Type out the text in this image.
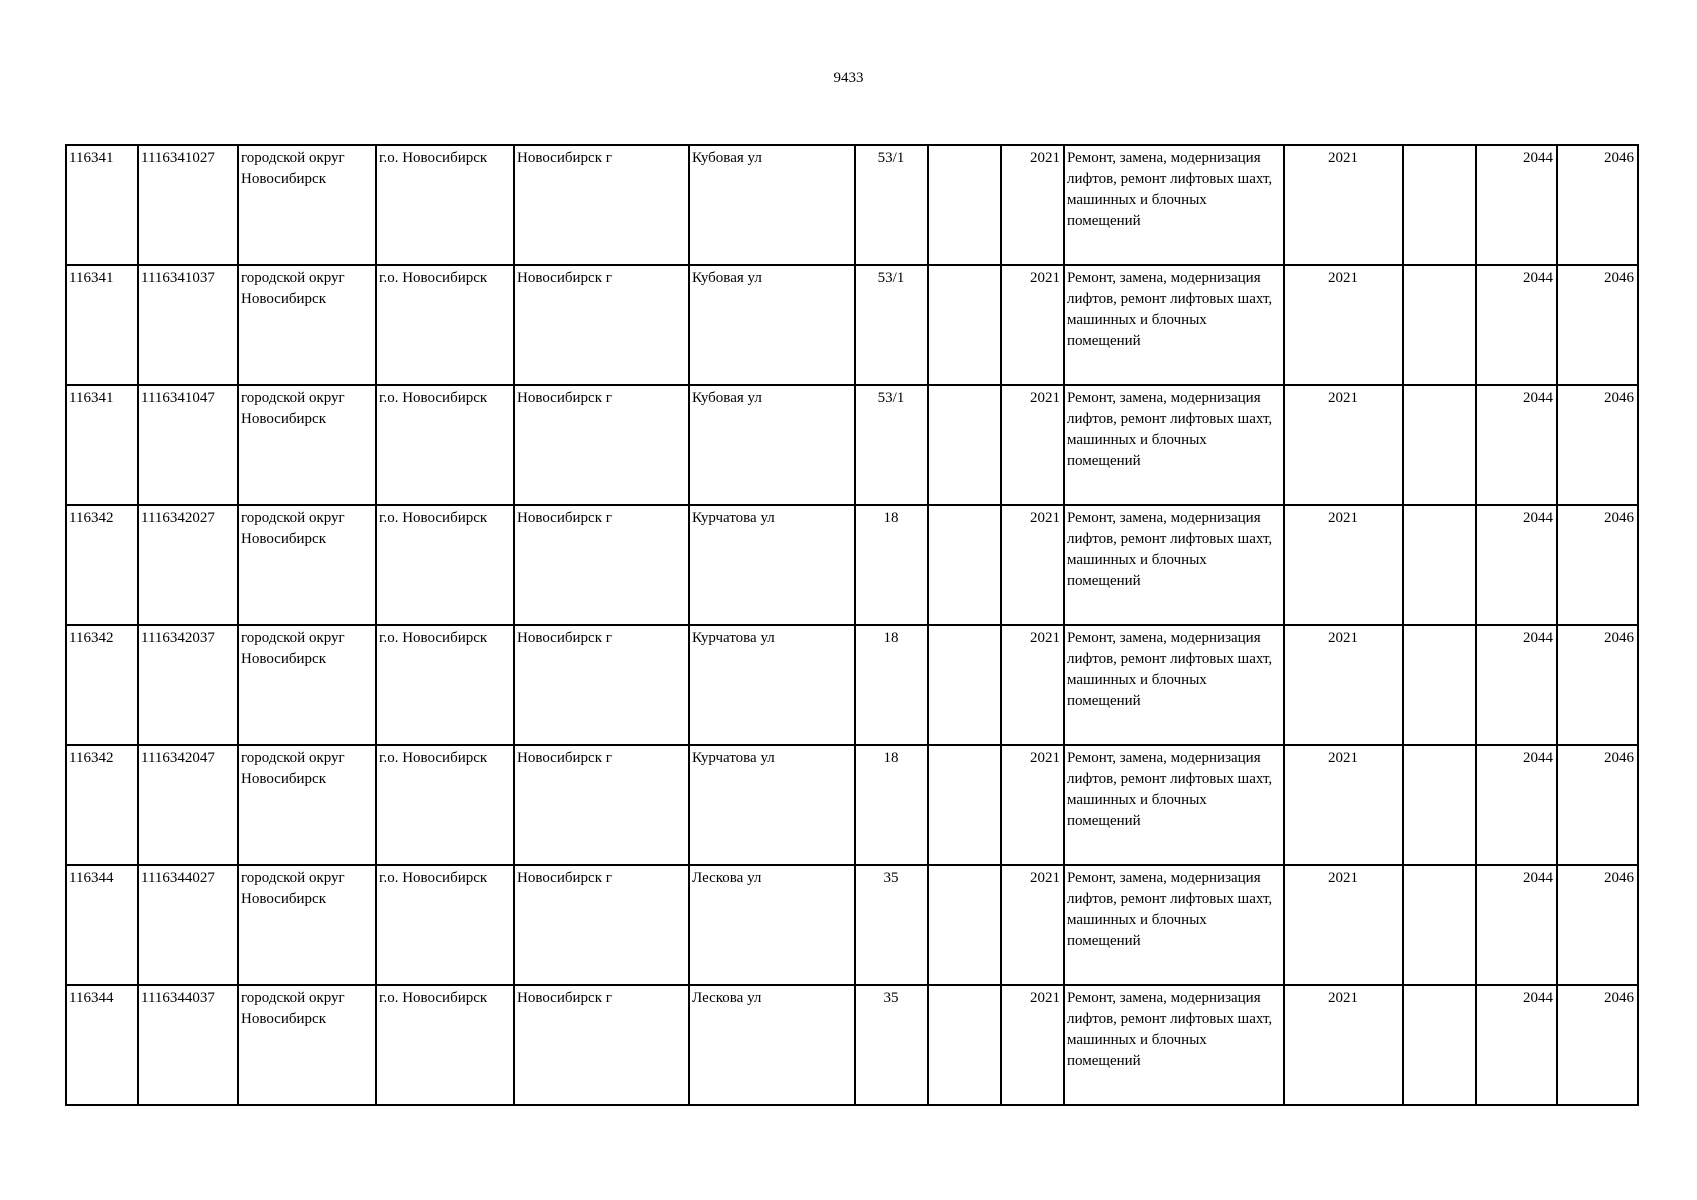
9433
116341	1116341027	городской округ Новосибирск	г.о. Новосибирск	Новосибирск г	Кубовая ул	53/1		2021	Ремонт, замена, модернизация лифтов, ремонт лифтовых шахт, машинных и блочных помещений	2021		2044	2046
116341	1116341037	городской округ Новосибирск	г.о. Новосибирск	Новосибирск г	Кубовая ул	53/1		2021	Ремонт, замена, модернизация лифтов, ремонт лифтовых шахт, машинных и блочных помещений	2021		2044	2046
116341	1116341047	городской округ Новосибирск	г.о. Новосибирск	Новосибирск г	Кубовая ул	53/1		2021	Ремонт, замена, модернизация лифтов, ремонт лифтовых шахт, машинных и блочных помещений	2021		2044	2046
116342	1116342027	городской округ Новосибирск	г.о. Новосибирск	Новосибирск г	Курчатова ул	18		2021	Ремонт, замена, модернизация лифтов, ремонт лифтовых шахт, машинных и блочных помещений	2021		2044	2046
116342	1116342037	городской округ Новосибирск	г.о. Новосибирск	Новосибирск г	Курчатова ул	18		2021	Ремонт, замена, модернизация лифтов, ремонт лифтовых шахт, машинных и блочных помещений	2021		2044	2046
116342	1116342047	городской округ Новосибирск	г.о. Новосибирск	Новосибирск г	Курчатова ул	18		2021	Ремонт, замена, модернизация лифтов, ремонт лифтовых шахт, машинных и блочных помещений	2021		2044	2046
116344	1116344027	городской округ Новосибирск	г.о. Новосибирск	Новосибирск г	Лескова ул	35		2021	Ремонт, замена, модернизация лифтов, ремонт лифтовых шахт, машинных и блочных помещений	2021		2044	2046
116344	1116344037	городской округ Новосибирск	г.о. Новосибирск	Новосибирск г	Лескова ул	35		2021	Ремонт, замена, модернизация лифтов, ремонт лифтовых шахт, машинных и блочных помещений	2021		2044	2046
